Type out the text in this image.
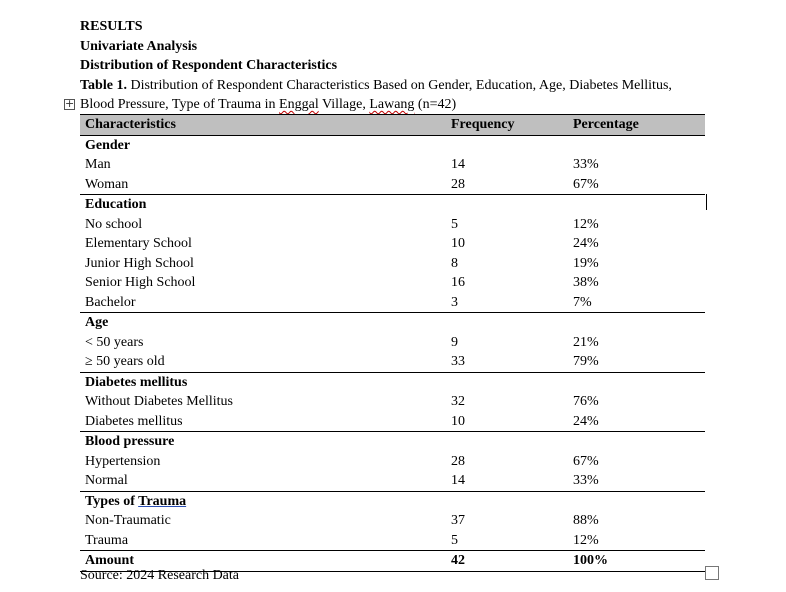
RESULTS
Univariate Analysis
Distribution of Respondent Characteristics
Table 1. Distribution of Respondent Characteristics Based on Gender, Education, Age, Diabetes Mellitus,
Blood Pressure, Type of Trauma in Enggal Village, Lawang (n=42)
+
Characteristics	Frequency	Percentage
Gender		
Man	14	33%
Woman	28	67%
Education		
No school	5	12%
Elementary School	10	24%
Junior High School	8	19%
Senior High School	16	38%
Bachelor	3	7%
Age		
< 50 years	9	21%
≥ 50 years old	33	79%
Diabetes mellitus		
Without Diabetes Mellitus	32	76%
Diabetes mellitus	10	24%
Blood pressure		
Hypertension	28	67%
Normal	14	33%
Types of Trauma		
Non-Traumatic	37	88%
Trauma	5	12%
Amount	42	100%
Source: 2024 Research Data
